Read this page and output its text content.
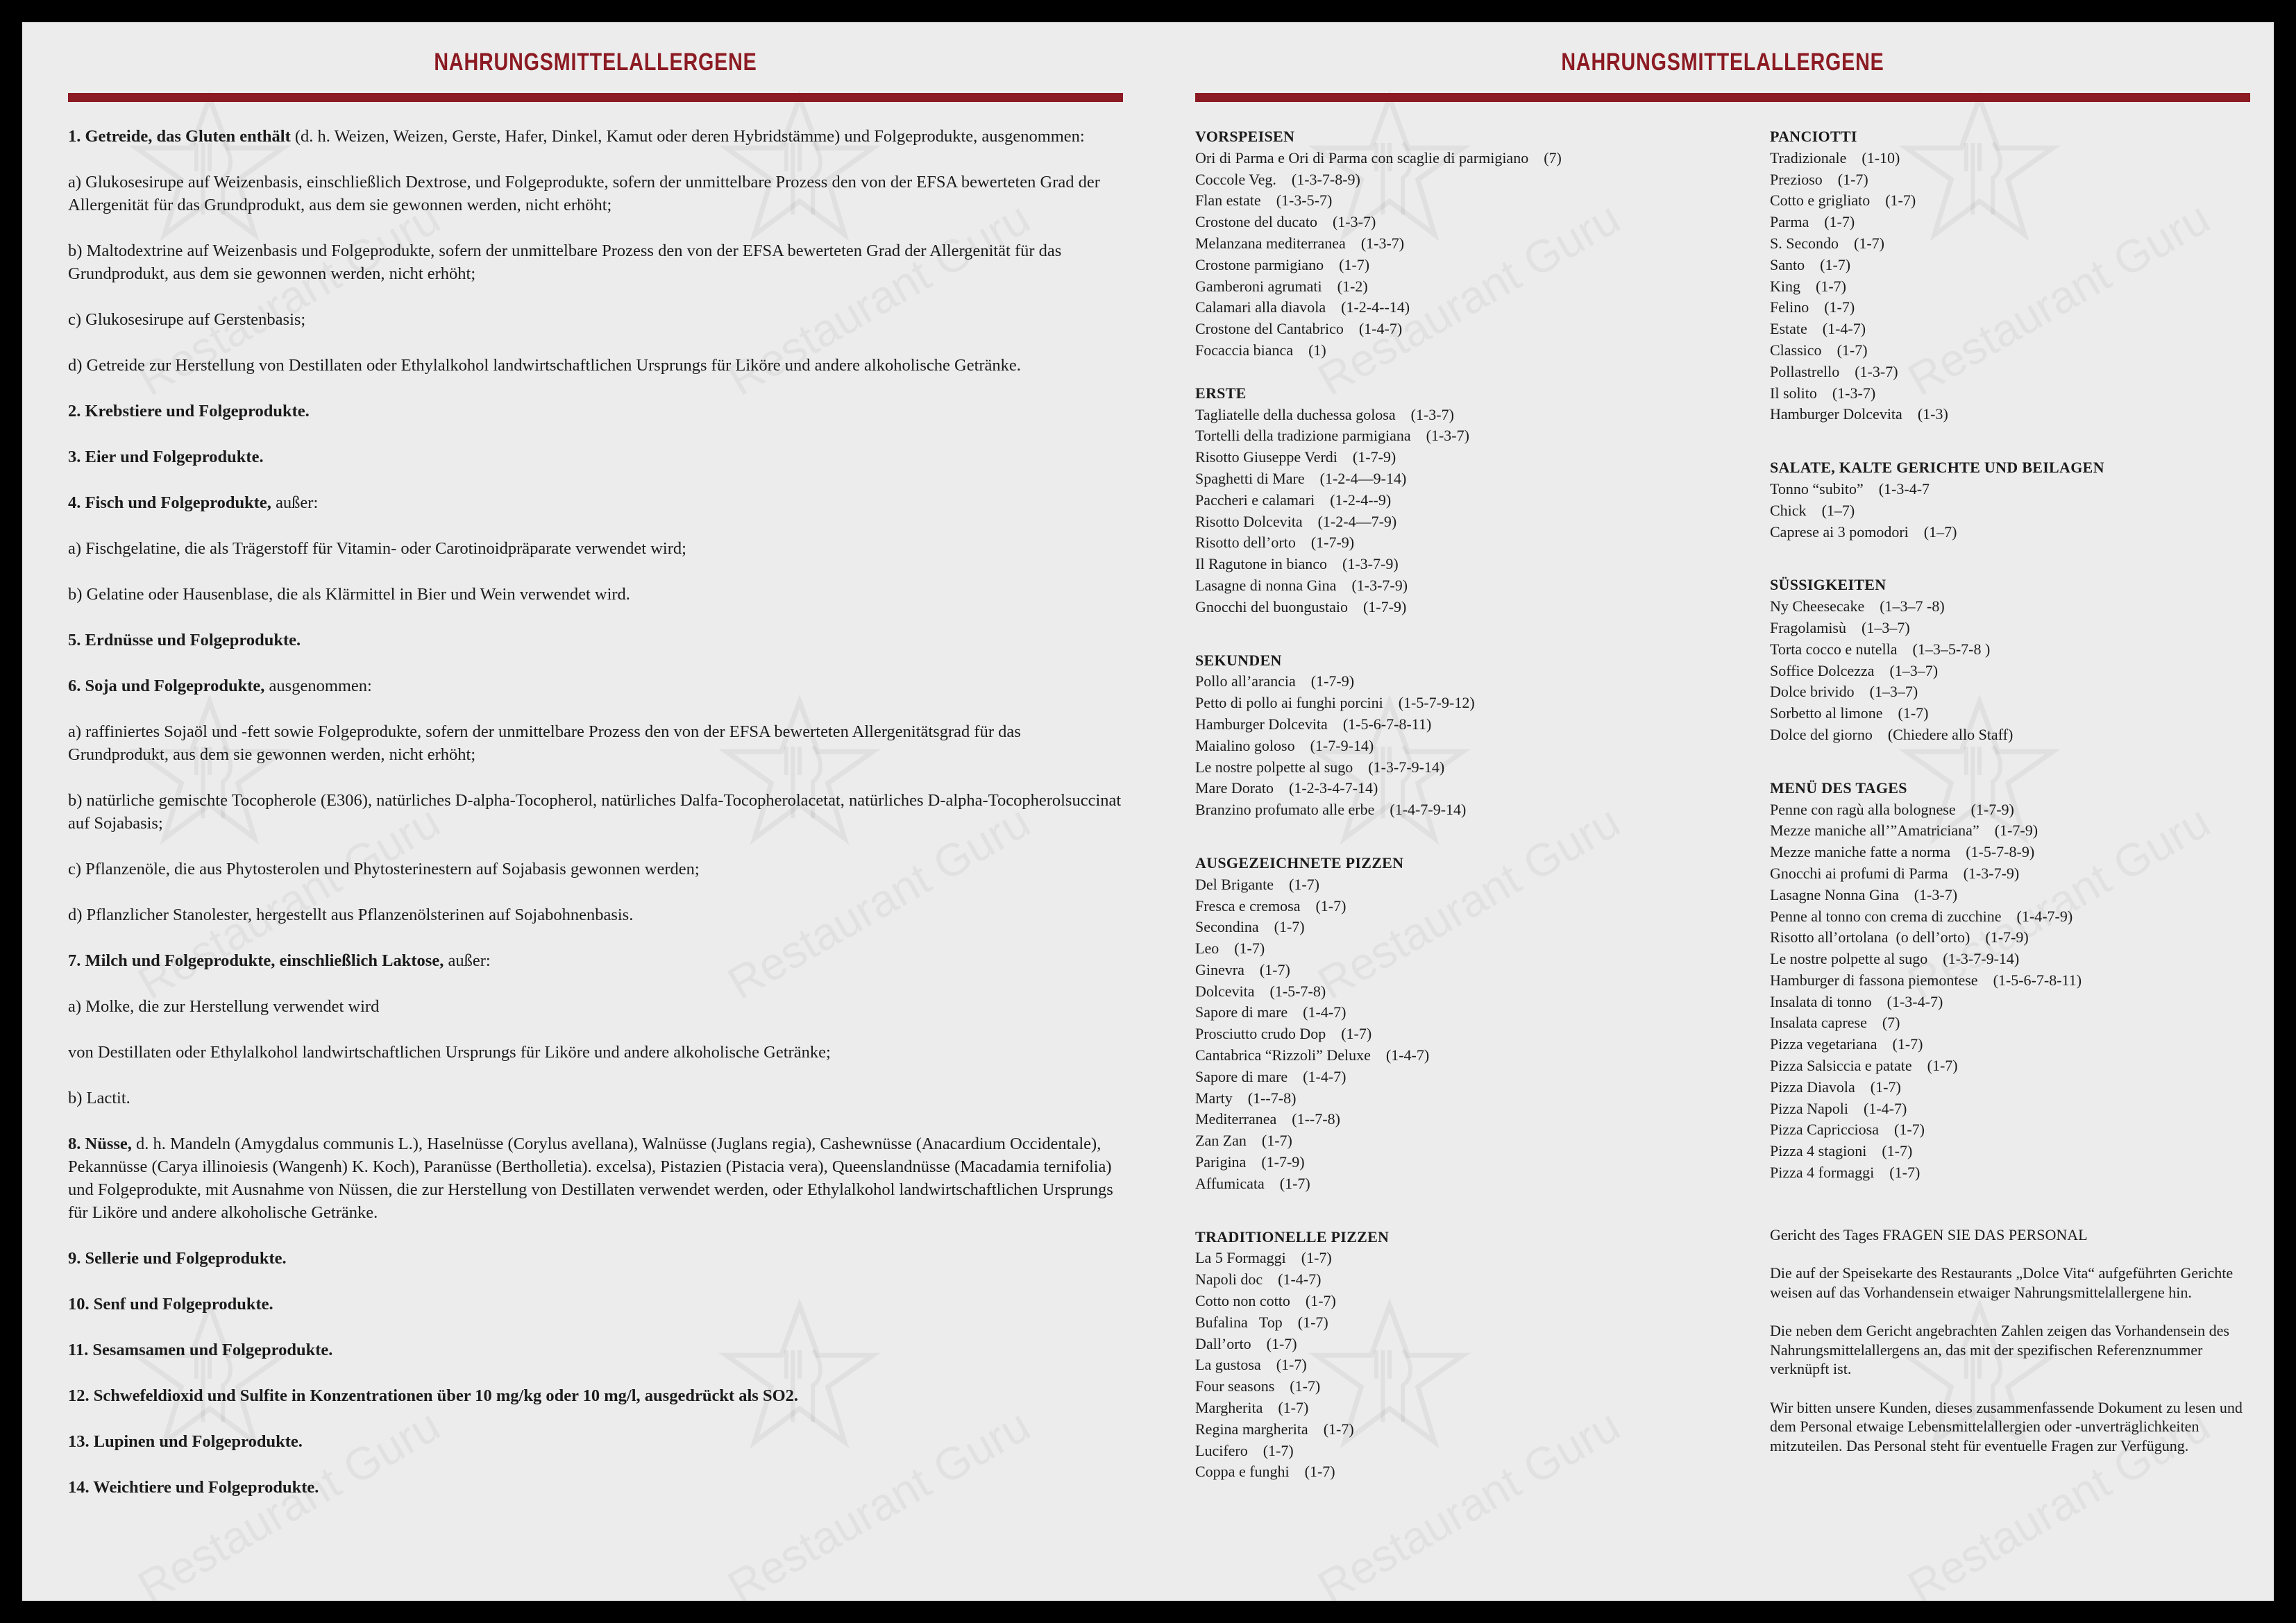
NAHRUNGSMITTELALLERGENE	NAHRUNGSMITTELALLERGENE

1. Getreide, das Gluten enthält (d. h. Weizen, Weizen, Gerste, Hafer, Dinkel, Kamut oder deren Hybridstämme) und Folgeprodukte, ausgenommen:

a) Glukosesirupe auf Weizenbasis, einschließlich Dextrose, und Folgeprodukte, sofern der unmittelbare Prozess den von der EFSA bewerteten Grad der Allergenität für das Grundprodukt, aus dem sie gewonnen werden, nicht erhöht;

b) Maltodextrine auf Weizenbasis und Folgeprodukte, sofern der unmittelbare Prozess den von der EFSA bewerteten Grad der Allergenität für das Grundprodukt, aus dem sie gewonnen werden, nicht erhöht;

c) Glukosesirupe auf Gerstenbasis;

d) Getreide zur Herstellung von Destillaten oder Ethylalkohol landwirtschaftlichen Ursprungs für Liköre und andere alkoholische Getränke.

2. Krebstiere und Folgeprodukte.

3. Eier und Folgeprodukte.

4. Fisch und Folgeprodukte, außer:

a) Fischgelatine, die als Trägerstoff für Vitamin- oder Carotinoidpräparate verwendet wird;

b) Gelatine oder Hausenblase, die als Klärmittel in Bier und Wein verwendet wird.

5. Erdnüsse und Folgeprodukte.

6. Soja und Folgeprodukte, ausgenommen:

a) raffiniertes Sojaöl und -fett sowie Folgeprodukte, sofern der unmittelbare Prozess den von der EFSA bewerteten Allergenitätsgrad für das Grundprodukt, aus dem sie gewonnen werden, nicht erhöht;

b) natürliche gemischte Tocopherole (E306), natürliches D-alpha-Tocopherol, natürliches Dalfa-Tocopherolacetat, natürliches D-alpha-Tocopherolsuccinat auf Sojabasis;

c) Pflanzenöle, die aus Phytosterolen und Phytosterinestern auf Sojabasis gewonnen werden;

d) Pflanzlicher Stanolester, hergestellt aus Pflanzenölsterinen auf Sojabohnenbasis.

7. Milch und Folgeprodukte, einschließlich Laktose, außer:

a) Molke, die zur Herstellung verwendet wird

von Destillaten oder Ethylalkohol landwirtschaftlichen Ursprungs für Liköre und andere alkoholische Getränke;

b) Lactit.

8. Nüsse, d. h. Mandeln (Amygdalus communis L.), Haselnüsse (Corylus avellana), Walnüsse (Juglans regia), Cashewnüsse (Anacardium Occidentale), Pekannüsse (Carya illinoiesis (Wangenh) K. Koch), Paranüsse (Bertholletia). excelsa), Pistazien (Pistacia vera), Queenslandnüsse (Macadamia ternifolia) und Folgeprodukte, mit Ausnahme von Nüssen, die zur Herstellung von Destillaten verwendet werden, oder Ethylalkohol landwirtschaftlichen Ursprungs für Liköre und andere alkoholische Getränke.

9. Sellerie und Folgeprodukte.

10. Senf und Folgeprodukte.

11. Sesamsamen und Folgeprodukte.

12. Schwefeldioxid und Sulfite in Konzentrationen über 10 mg/kg oder 10 mg/l, ausgedrückt als SO2.

13. Lupinen und Folgeprodukte.

14. Weichtiere und Folgeprodukte.

VORSPEISEN
Ori di Parma e Ori di Parma con scaglie di parmigiano (7)
Coccole Veg. (1-3-7-8-9)
Flan estate (1-3-5-7)
Crostone del ducato (1-3-7)
Melanzana mediterranea (1-3-7)
Crostone parmigiano (1-7)
Gamberoni agrumati (1-2)
Calamari alla diavola (1-2-4--14)
Crostone del Cantabrico (1-4-7)
Focaccia bianca (1)
ERSTE
Tagliatelle della duchessa golosa (1-3-7)
Tortelli della tradizione parmigiana (1-3-7)
Risotto Giuseppe Verdi (1-7-9)
Spaghetti di Mare (1-2-4—9-14)
Paccheri e calamari (1-2-4--9)
Risotto Dolcevita (1-2-4—7-9)
Risotto dell’orto (1-7-9)
Il Ragutone in bianco (1-3-7-9)
Lasagne di nonna Gina (1-3-7-9)
Gnocchi del buongustaio (1-7-9)
SEKUNDEN
Pollo all’arancia (1-7-9)
Petto di pollo ai funghi porcini (1-5-7-9-12)
Hamburger Dolcevita (1-5-6-7-8-11)
Maialino goloso (1-7-9-14)
Le nostre polpette al sugo (1-3-7-9-14)
Mare Dorato (1-2-3-4-7-14)
Branzino profumato alle erbe (1-4-7-9-14)
AUSGEZEICHNETE PIZZEN
Del Brigante (1-7)
Fresca e cremosa (1-7)
Secondina (1-7)
Leo (1-7)
Ginevra (1-7)
Dolcevita (1-5-7-8)
Sapore di mare (1-4-7)
Prosciutto crudo Dop (1-7)
Cantabrica “Rizzoli” Deluxe (1-4-7)
Sapore di mare (1-4-7)
Marty (1--7-8)
Mediterranea (1--7-8)
Zan Zan (1-7)
Parigina (1-7-9)
Affumicata (1-7)
TRADITIONELLE PIZZEN
La 5 Formaggi (1-7)
Napoli doc (1-4-7)
Cotto non cotto (1-7)
Bufalina   Top (1-7)
Dall’orto (1-7)
La gustosa (1-7)
Four seasons (1-7)
Margherita (1-7)
Regina margherita (1-7)
Lucifero (1-7)
Coppa e funghi (1-7)
PANCIOTTI
Tradizionale (1-10)
Prezioso (1-7)
Cotto e grigliato (1-7)
Parma (1-7)
S. Secondo (1-7)
Santo (1-7)
King (1-7)
Felino (1-7)
Estate (1-4-7)
Classico (1-7)
Pollastrello (1-3-7)
Il solito (1-3-7)
Hamburger Dolcevita (1-3)
SALATE, KALTE GERICHTE UND BEILAGEN
Tonno “subito” (1-3-4-7
Chick (1–7)
Caprese ai 3 pomodori (1–7)
SÜSSIGKEITEN
Ny Cheesecake (1–3–7 -8)
Fragolamisù (1–3–7)
Torta cocco e nutella (1–3–5-7-8 )
Soffice Dolcezza (1–3–7)
Dolce brivido (1–3–7)
Sorbetto al limone (1-7)
Dolce del giorno (Chiedere allo Staff)
MENÜ DES TAGES
Penne con ragù alla bolognese (1-7-9)
Mezze maniche all’”Amatriciana” (1-7-9)
Mezze maniche fatte a norma (1-5-7-8-9)
Gnocchi ai profumi di Parma (1-3-7-9)
Lasagne Nonna Gina (1-3-7)
Penne al tonno con crema di zucchine (1-4-7-9)
Risotto all’ortolana  (o dell’orto) (1-7-9)
Le nostre polpette al sugo (1-3-7-9-14)
Hamburger di fassona piemontese (1-5-6-7-8-11)
Insalata di tonno (1-3-4-7)
Insalata caprese (7)
Pizza vegetariana (1-7)
Pizza Salsiccia e patate (1-7)
Pizza Diavola (1-7)
Pizza Napoli (1-4-7)
Pizza Capricciosa (1-7)
Pizza 4 stagioni (1-7)
Pizza 4 formaggi (1-7)

Gericht des Tages FRAGEN SIE DAS PERSONAL

Die auf der Speisekarte des Restaurants „Dolce Vita“ aufgeführten Gerichte weisen auf das Vorhandensein etwaiger Nahrungsmittelallergene hin.

Die neben dem Gericht angebrachten Zahlen zeigen das Vorhandensein des Nahrungsmittelallergens an, das mit der spezifischen Referenznummer verknüpft ist.

Wir bitten unsere Kunden, dieses zusammenfassende Dokument zu lesen und dem Personal etwaige Lebensmittelallergien oder -unverträglichkeiten mitzuteilen. Das Personal steht für eventuelle Fragen zur Verfügung.
